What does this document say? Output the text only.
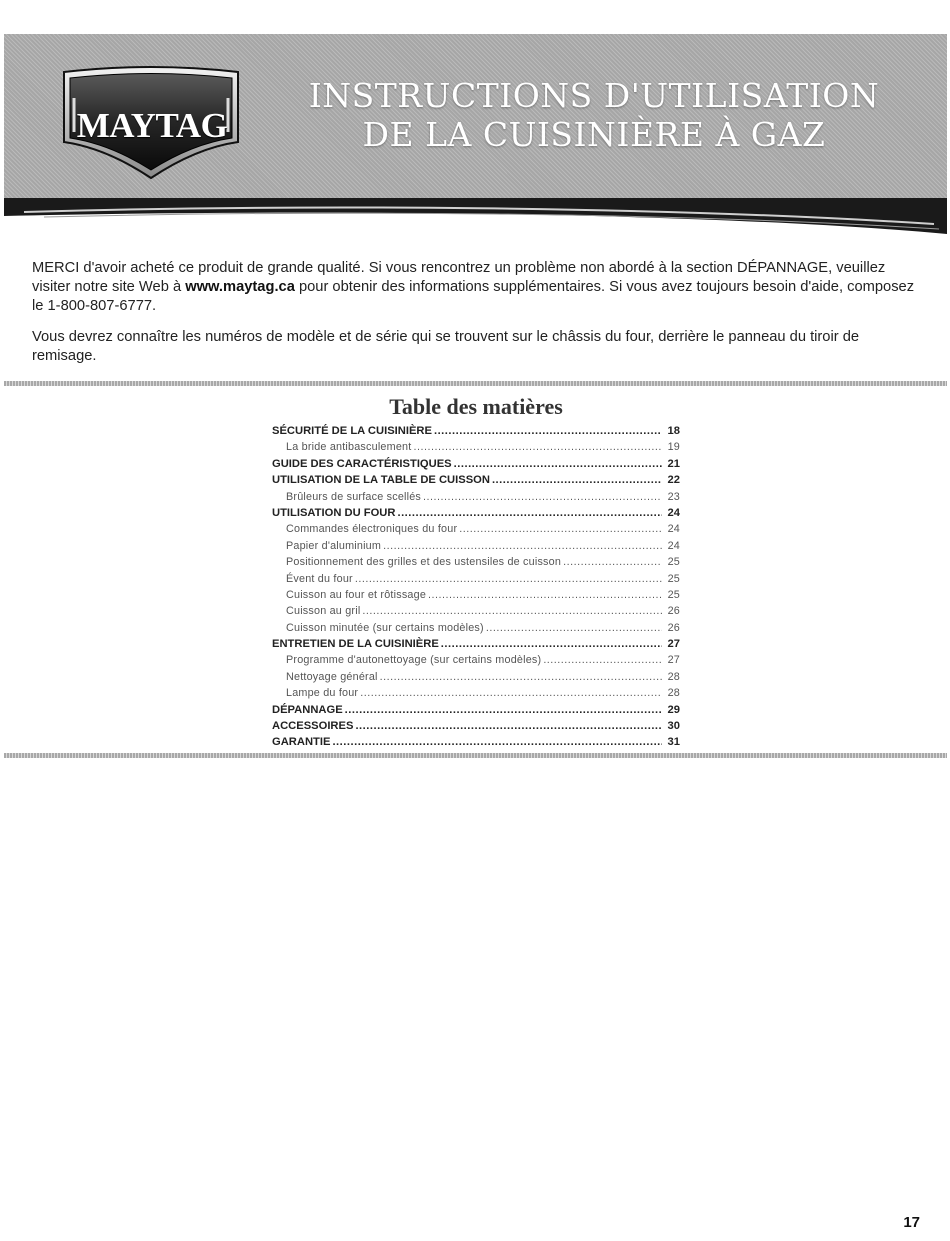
MAYTAG
INSTRUCTIONS D'UTILISATION
DE LA CUISINIÈRE À GAZ

MERCI d'avoir acheté ce produit de grande qualité. Si vous rencontrez un problème non abordé à la section DÉPANNAGE, veuillez visiter notre site Web à www.maytag.ca pour obtenir des informations supplémentaires. Si vous avez toujours besoin d'aide, composez le 1-800-807-6777.

Vous devrez connaître les numéros de modèle et de série qui se trouvent sur le châssis du four, derrière le panneau du tiroir de remisage.

Table des matières
SÉCURITÉ DE LA CUISINIÈRE .....	18
La bride antibasculement .....	19
GUIDE DES CARACTÉRISTIQUES .....	21
UTILISATION DE LA TABLE DE CUISSON .....	22
Brûleurs de surface scellés .....	23
UTILISATION DU FOUR .....	24
Commandes électroniques du four .....	24
Papier d'aluminium .....	24
Positionnement des grilles et des ustensiles de cuisson .....	25
Évent du four .....	25
Cuisson au four et rôtissage .....	25
Cuisson au gril .....	26
Cuisson minutée (sur certains modèles) .....	26
ENTRETIEN DE LA CUISINIÈRE .....	27
Programme d'autonettoyage (sur certains modèles) .....	27
Nettoyage général .....	28
Lampe du four .....	28
DÉPANNAGE .....	29
ACCESSOIRES .....	30
GARANTIE .....	31
17
